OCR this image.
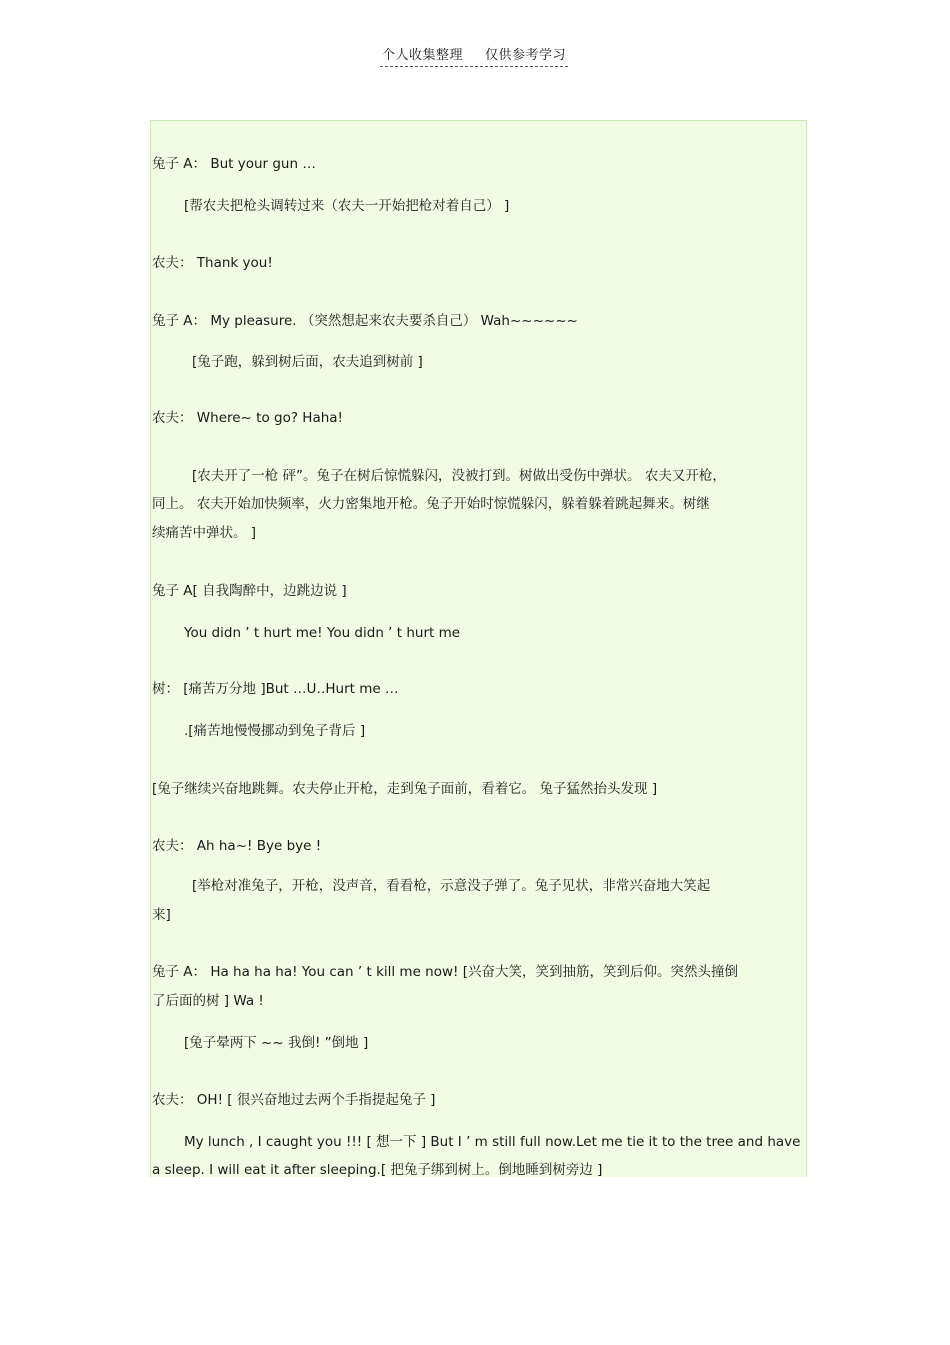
个人收集整理 仅供参考学习
兔子 A： But your gun …
[帮农夫把枪头调转过来（农夫一开始把枪对着自己） ]
农夫： Thank you!
兔子 A： My pleasure. （突然想起来农夫要杀自己） Wah~~~~~~
[兔子跑，躲到树后面，农夫追到树前 ]
农夫： Where~ to go? Haha!
[农夫开了一枪 砰”。兔子在树后惊慌躲闪，没被打到。树做出受伤中弹状。 农夫又开枪，
同上。 农夫开始加快频率，火力密集地开枪。兔子开始时惊慌躲闪，躲着躲着跳起舞来。树继
续痛苦中弹状。 ]
兔子 A[ 自我陶醉中，边跳边说 ]
You didn ’ t hurt me! You didn ’ t hurt me
树： [痛苦万分地 ]But …U‥Hurt me …
.[痛苦地慢慢挪动到兔子背后 ]
[兔子继续兴奋地跳舞。农夫停止开枪，走到兔子面前，看着它。 兔子猛然抬头发现 ]
农夫： Ah ha~! Bye bye !
[举枪对准兔子，开枪，没声音，看看枪，示意没子弹了。兔子见状，非常兴奋地大笑起
来]
兔子 A： Ha ha ha ha! You can ’ t kill me now! [兴奋大笑，笑到抽筋，笑到后仰。突然头撞倒
了后面的树 ] Wa !
[兔子晕两下 ~~ 我倒! ”倒地 ]
农夫： OH! [ 很兴奋地过去两个手指提起兔子 ]
My lunch , I caught you !!! [ 想一下 ] But I ’ m still full now.Let me tie it to the tree and have
a sleep. I will eat it after sleeping.[ 把兔子绑到树上。倒地睡到树旁边 ]
